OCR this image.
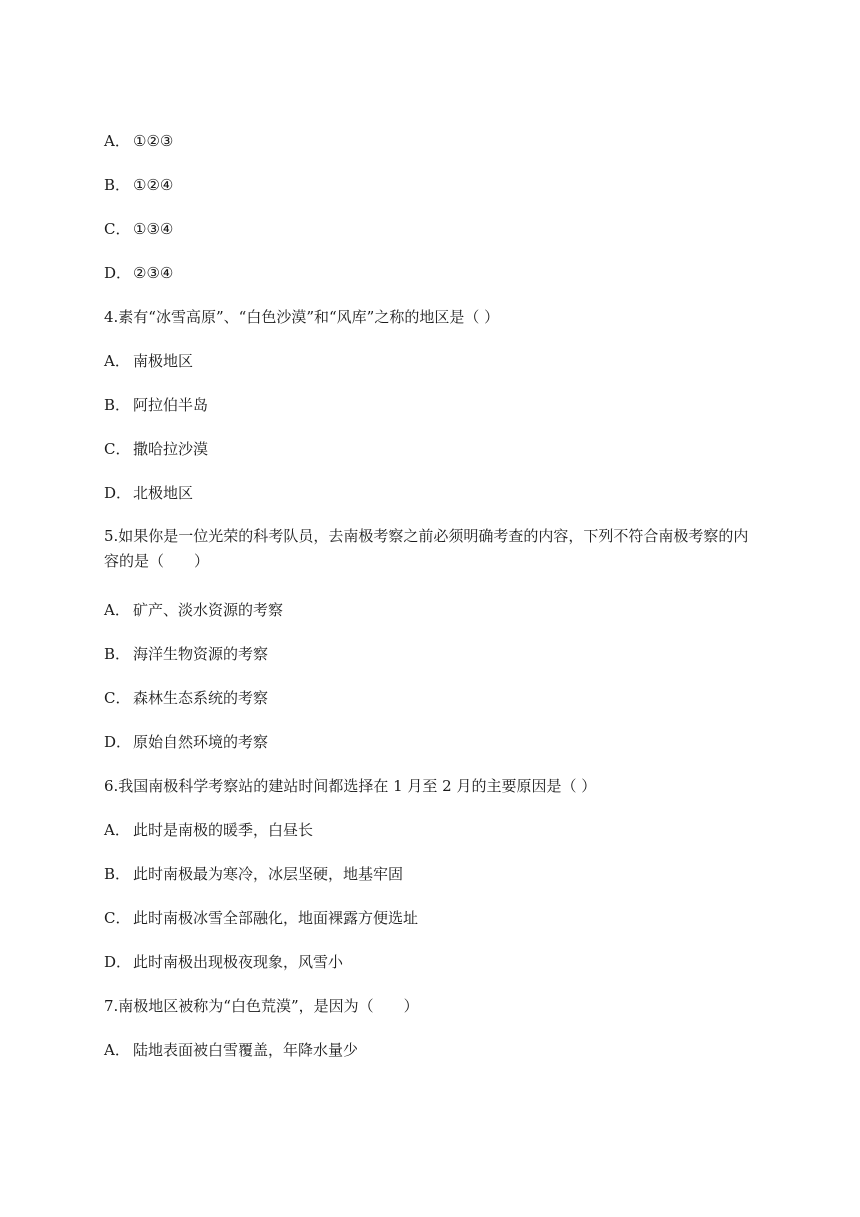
A． ①②③
B． ①②④
C． ①③④
D． ②③④
4.素有“冰雪高原”、“白色沙漠”和“风库”之称的地区是（ ）
A． 南极地区
B． 阿拉伯半岛
C． 撒哈拉沙漠
D． 北极地区
5.如果你是一位光荣的科考队员，去南极考察之前必须明确考查的内容，下列不符合南极考察的内容的是（　　）
A． 矿产、淡水资源的考察
B． 海洋生物资源的考察
C． 森林生态系统的考察
D． 原始自然环境的考察
6.我国南极科学考察站的建站时间都选择在 1 月至 2 月的主要原因是（ ）
A． 此时是南极的暖季，白昼长
B． 此时南极最为寒冷，冰层坚硬，地基牢固
C． 此时南极冰雪全部融化，地面裸露方便选址
D． 此时南极出现极夜现象，风雪小
7.南极地区被称为“白色荒漠”，是因为（　　）
A． 陆地表面被白雪覆盖，年降水量少
